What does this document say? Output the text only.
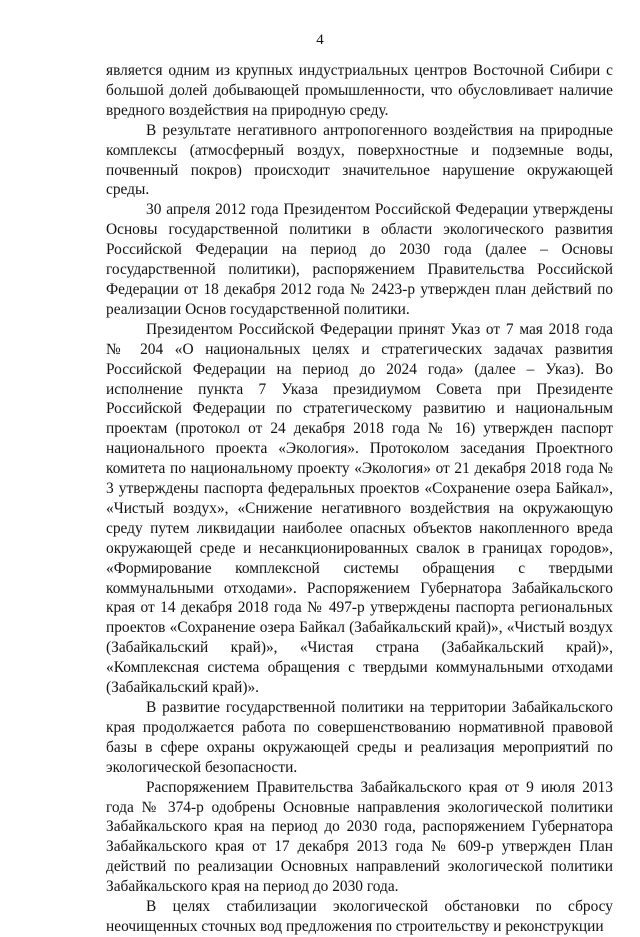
4

является одним из крупных индустриальных центров Восточной Сибири с большой долей добывающей промышленности, что обусловливает наличие вредного воздействия на природную среду.

В результате негативного антропогенного воздействия на природные комплексы (атмосферный воздух, поверхностные и подземные воды, почвенный покров) происходит значительное нарушение окружающей среды.

30 апреля 2012 года Президентом Российской Федерации утверждены Основы государственной политики в области экологического развития Российской Федерации на период до 2030 года (далее – Основы государственной политики), распоряжением Правительства Российской Федерации от 18 декабря 2012 года № 2423-р утвержден план действий по реализации Основ государственной политики.

Президентом Российской Федерации принят Указ от 7 мая 2018 года № 204 «О национальных целях и стратегических задачах развития Российской Федерации на период до 2024 года» (далее – Указ). Во исполнение пункта 7 Указа президиумом Совета при Президенте Российской Федерации по стратегическому развитию и национальным проектам (протокол от 24 декабря 2018 года № 16) утвержден паспорт национального проекта «Экология». Протоколом заседания Проектного комитета по национальному проекту «Экология» от 21 декабря 2018 года № 3 утверждены паспорта федеральных проектов «Сохранение озера Байкал», «Чистый воздух», «Снижение негативного воздействия на окружающую среду путем ликвидации наиболее опасных объектов накопленного вреда окружающей среде и несанкционированных свалок в границах городов», «Формирование комплексной системы обращения с твердыми коммунальными отходами». Распоряжением Губернатора Забайкальского края от 14 декабря 2018 года № 497-р утверждены паспорта региональных проектов «Сохранение озера Байкал (Забайкальский край)», «Чистый воздух (Забайкальский край)», «Чистая страна (Забайкальский край)», «Комплексная система обращения с твердыми коммунальными отходами (Забайкальский край)».

В развитие государственной политики на территории Забайкальского края продолжается работа по совершенствованию нормативной правовой базы в сфере охраны окружающей среды и реализация мероприятий по экологической безопасности.

Распоряжением Правительства Забайкальского края от 9 июля 2013 года № 374-р одобрены Основные направления экологической политики Забайкальского края на период до 2030 года, распоряжением Губернатора Забайкальского края от 17 декабря 2013 года № 609-р утвержден План действий по реализации Основных направлений экологической политики Забайкальского края на период до 2030 года.

В целях стабилизации экологической обстановки по сбросу неочищенных сточных вод предложения по строительству и реконструкции
